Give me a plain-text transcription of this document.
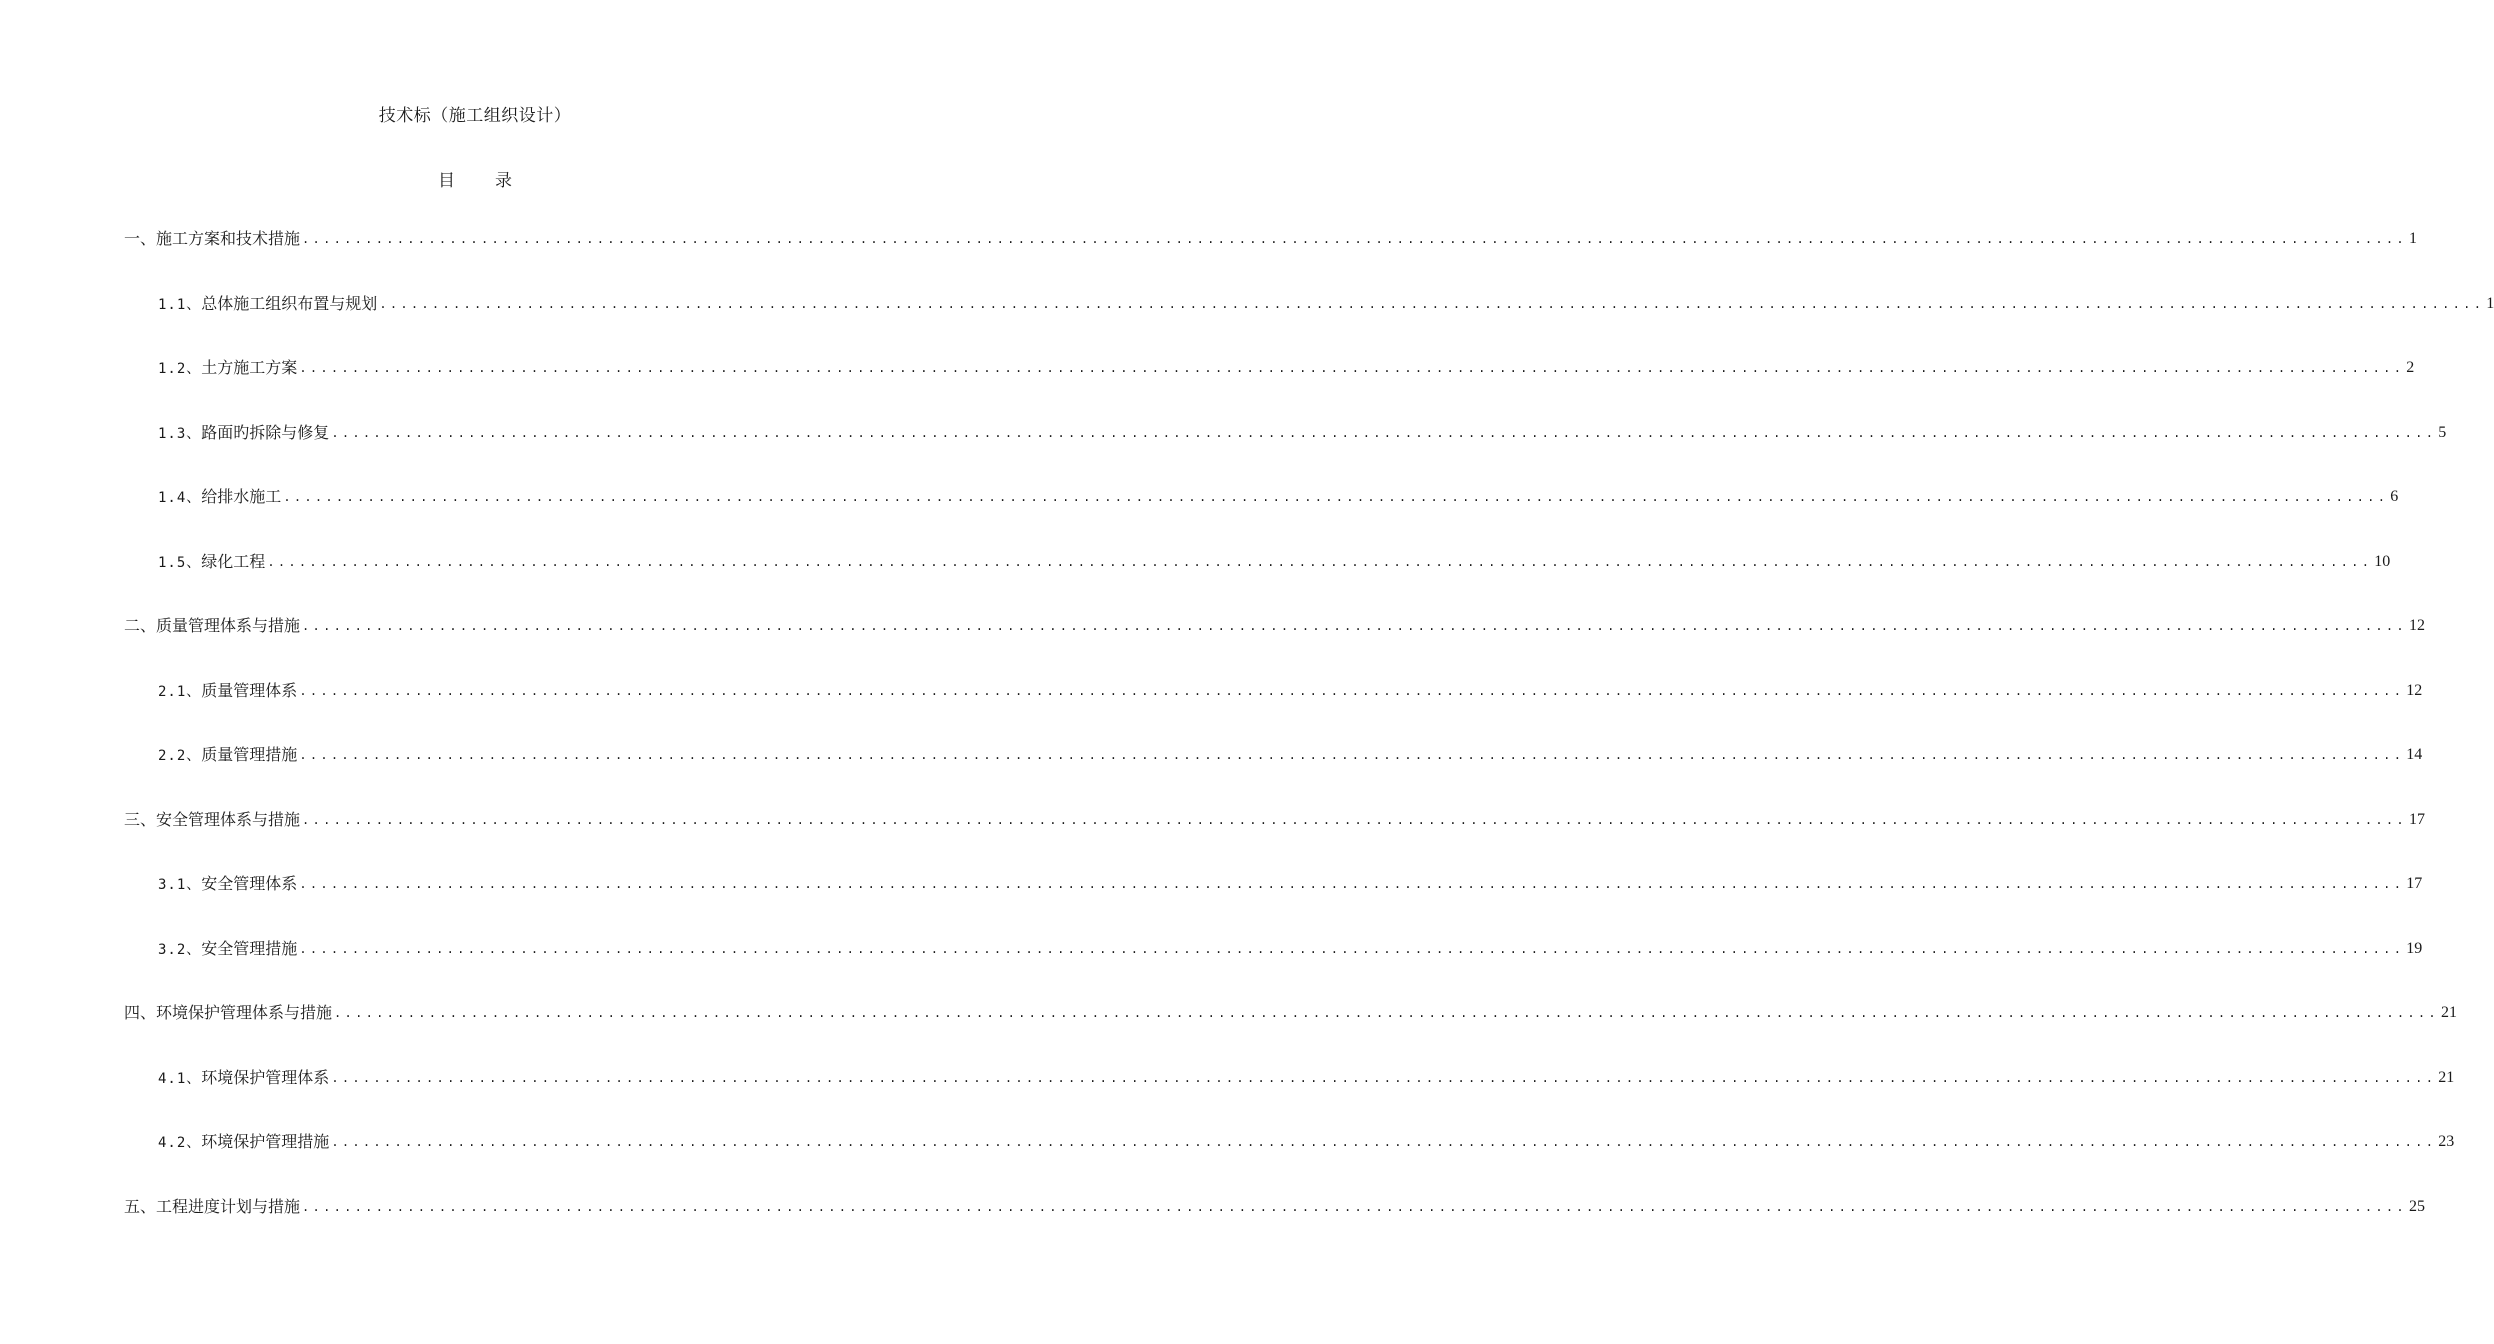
技术标（施工组织设计）
目 录
一、施工方案和技术措施 ........................................................................................................................................................................................................ 1
1.1、总体施工组织布置与规划 ........................................................................................................................................................................................................ 1
1.2、土方施工方案 ........................................................................................................................................................................................................ 2
1.3、路面旳拆除与修复 ........................................................................................................................................................................................................ 5
1.4、给排水施工 ........................................................................................................................................................................................................ 6
1.5、绿化工程 ........................................................................................................................................................................................................ 10
二、质量管理体系与措施 ........................................................................................................................................................................................................ 12
2.1、质量管理体系 ........................................................................................................................................................................................................ 12
2.2、质量管理措施 ........................................................................................................................................................................................................ 14
三、安全管理体系与措施 ........................................................................................................................................................................................................ 17
3.1、安全管理体系 ........................................................................................................................................................................................................ 17
3.2、安全管理措施 ........................................................................................................................................................................................................ 19
四、环境保护管理体系与措施 ........................................................................................................................................................................................................ 21
4.1、环境保护管理体系 ........................................................................................................................................................................................................ 21
4.2、环境保护管理措施 ........................................................................................................................................................................................................ 23
五、工程进度计划与措施 ........................................................................................................................................................................................................ 25
